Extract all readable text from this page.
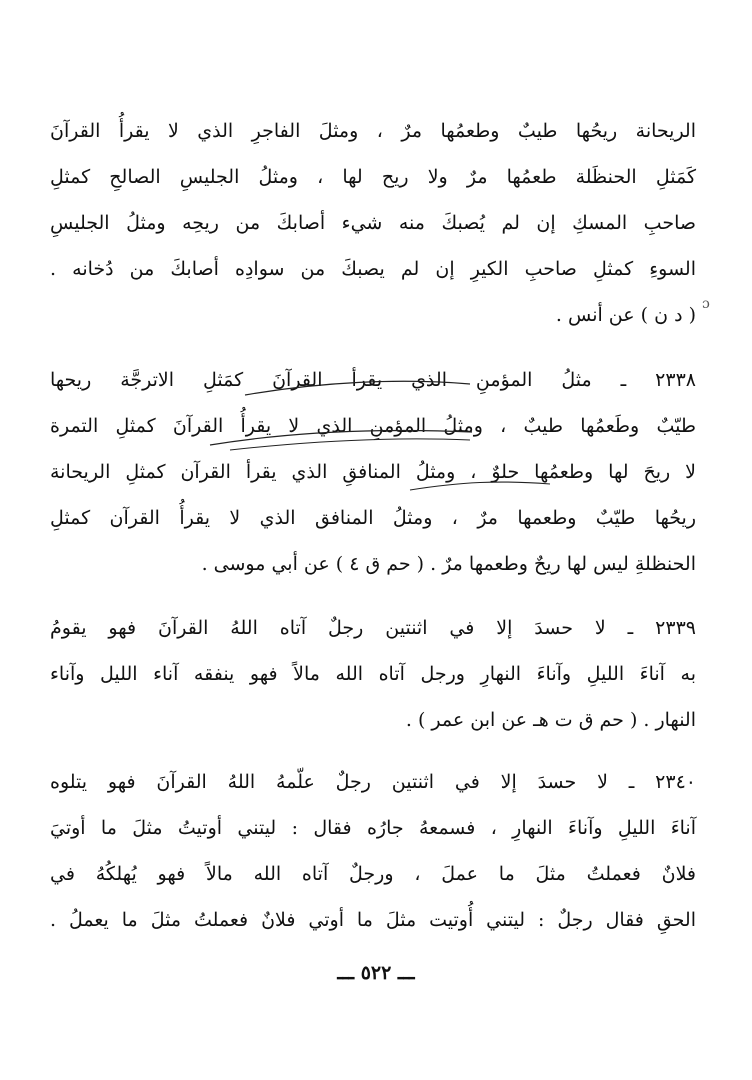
الريحانة ريحُها طيبٌ وطعمُها مرٌ ، ومثلَ الفاجرِ الذي لا يقرأُ القرآنَ
كَمَثلِ الحنظَلة طعمُها مرٌ ولا ريح لها ، ومثلُ الجليسِ الصالحِ كمثلِ
صاحبِ المسكِ إن لم يُصبكَ منه شيء أصابكَ من ريحِه ومثلُ الجليسِ
السوءِ كمثلِ صاحبِ الكيرِ إن لم يصبكَ من سوادِه أصابكَ من دُخانه .
( د ن ) عن أنس .
٢٣٣٨ ـ مثلُ المؤمنِ الذي يقرأ القرآنَ كمَثلِ الاترجَّة ريحها
طيّبٌ وطَعمُها طيبٌ ، ومثلُ المؤمنِ الذي لا يقرأُ القرآنَ كمثلِ التمرة
لا ريحَ لها وطعمُها حلوٌ ، ومثلُ المنافقِ الذي يقرأ القرآن كمثلِ الريحانة
ريحُها طيّبٌ وطعمها مرٌ ، ومثلُ المنافق الذي لا يقرأُ القرآن كمثلِ
الحنظلةِ ليس لها ريحٌ وطعمها مرٌ . ( حم ق ٤ ) عن أبي موسى .
٢٣٣٩ ـ لا حسدَ إلا في اثنتين رجلٌ آتاه اللهُ القرآنَ فهو يقومُ
به آناءَ الليلِ وآناءَ النهارِ ورجل آتاه الله مالاً فهو ينفقه آناء الليل وآناء
النهار . ( حم ق ت هـ عن ابن عمر ) .
٢٣٤٠ ـ لا حسدَ إلا في اثنتين رجلٌ علّمهُ اللهُ القرآنَ فهو يتلوه
آناءَ الليلِ وآناءَ النهارِ ، فسمعهُ جارُه فقال : ليتني أوتيتُ مثلَ ما أوتيَ
فلانٌ فعملتُ مثلَ ما عملَ ، ورجلٌ آتاه الله مالاً فهو يُهلكُهُ في
الحقِ فقال رجلٌ : ليتني أُوتيت مثلَ ما أوتي فلانٌ فعملتُ مثلَ ما يعملُ .
ـــ ٥٢٢ ـــ
ɔ
